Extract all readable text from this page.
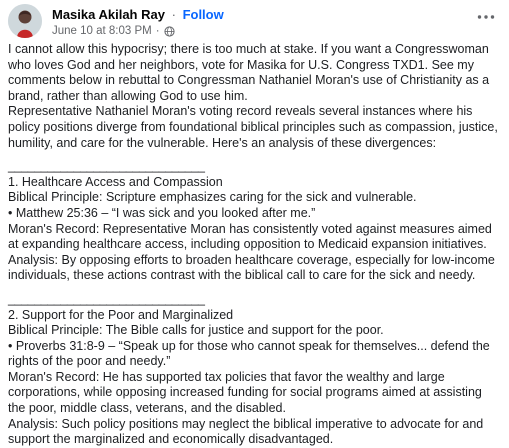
Masika Akilah Ray · Follow
June 10 at 8:03 PM ·

I cannot allow this hypocrisy; there is too much at stake. If you want a Congresswoman who loves God and her neighbors, vote for Masika for U.S. Congress TXD1. See my comments below in rebuttal to Congressman Nathaniel Moran's use of Christianity as a brand, rather than allowing God to use him.

Representative Nathaniel Moran's voting record reveals several instances where his policy positions diverge from foundational biblical principles such as compassion, justice, humility, and care for the vulnerable. Here's an analysis of these divergences:

______________________________

1. Healthcare Access and Compassion

Biblical Principle: Scripture emphasizes caring for the sick and vulnerable.

• Matthew 25:36 – “I was sick and you looked after me.”

Moran's Record: Representative Moran has consistently voted against measures aimed at expanding healthcare access, including opposition to Medicaid expansion initiatives.

Analysis: By opposing efforts to broaden healthcare coverage, especially for low-income individuals, these actions contrast with the biblical call to care for the sick and needy.

______________________________

2. Support for the Poor and Marginalized

Biblical Principle: The Bible calls for justice and support for the poor.

• Proverbs 31:8-9 – “Speak up for those who cannot speak for themselves... defend the rights of the poor and needy.”

Moran's Record: He has supported tax policies that favor the wealthy and large corporations, while opposing increased funding for social programs aimed at assisting the poor, middle class, veterans, and the disabled.

Analysis: Such policy positions may neglect the biblical imperative to advocate for and support the marginalized and economically disadvantaged.
